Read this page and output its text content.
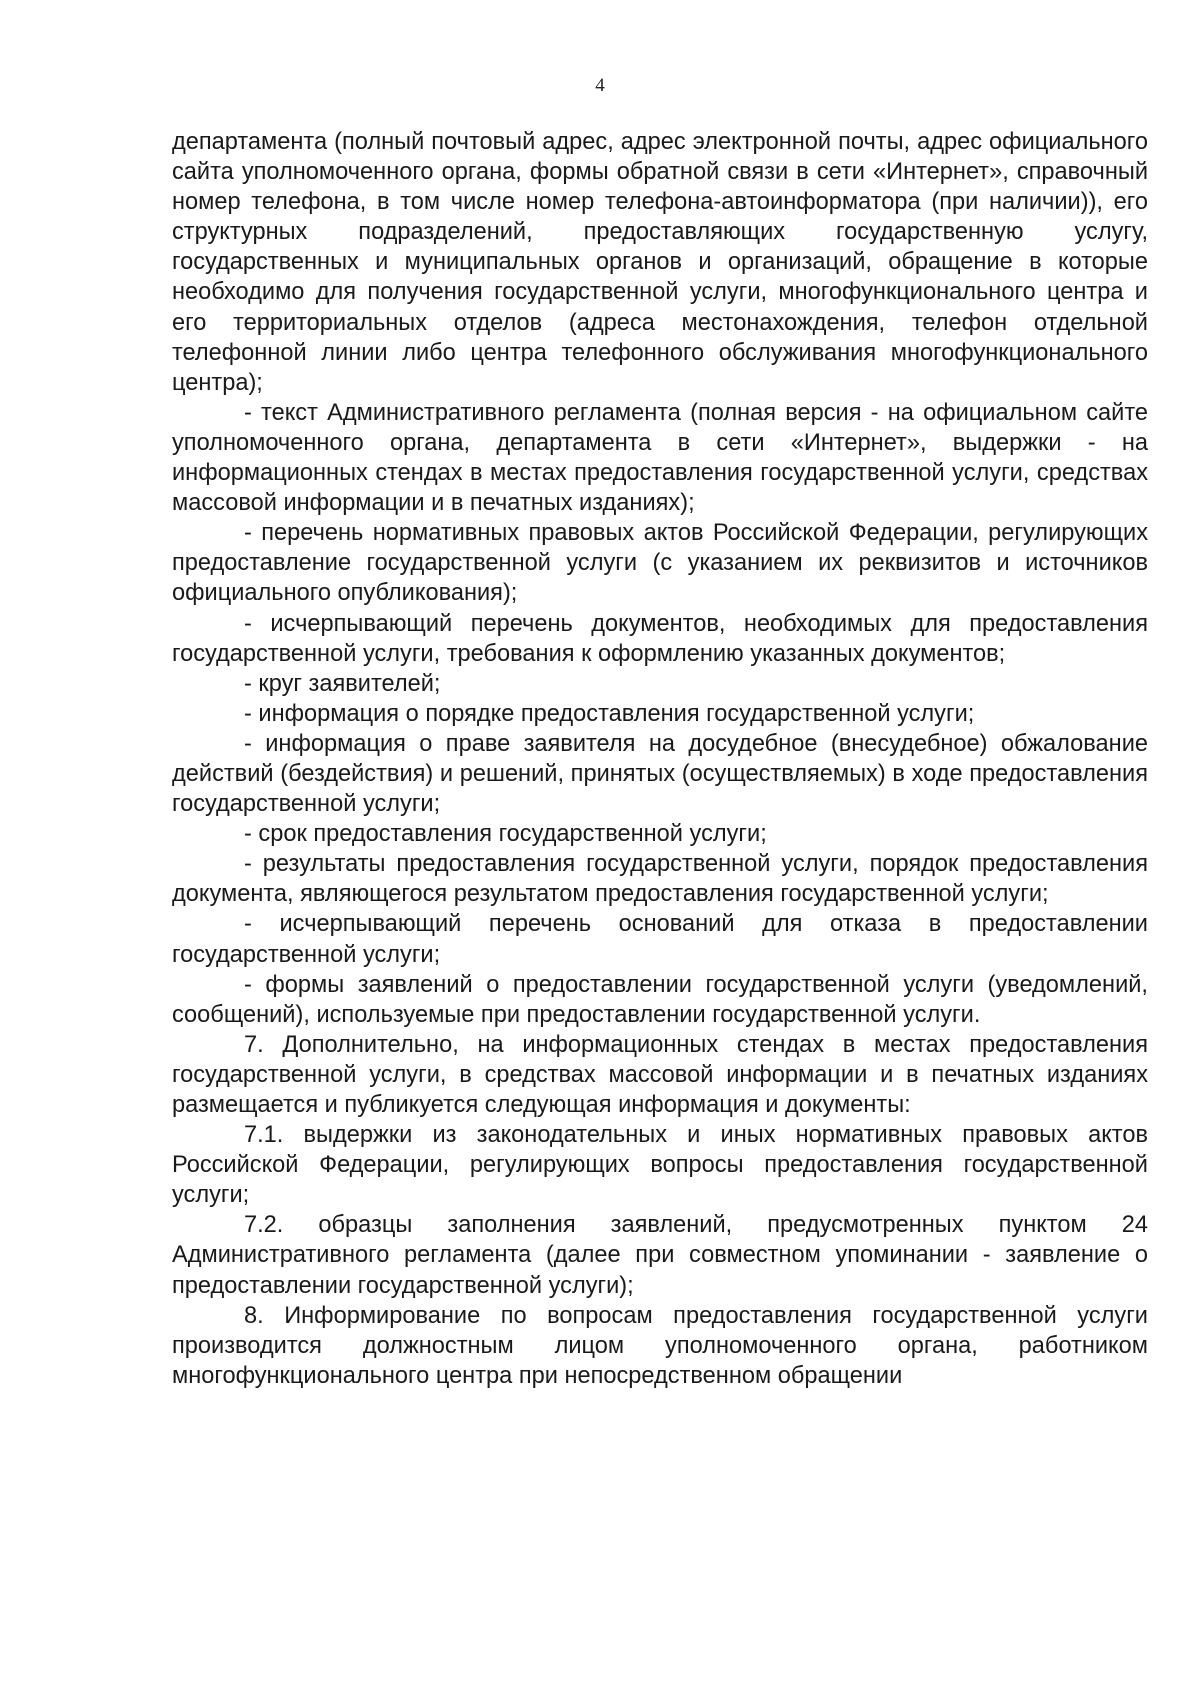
4

департамента (полный почтовый адрес, адрес электронной почты, адрес официального сайта уполномоченного органа, формы обратной связи в сети «Интернет», справочный номер телефона, в том числе номер телефона-автоинформатора (при наличии)), его структурных подразделений, предоставляющих государственную услугу, государственных и муниципальных органов и организаций, обращение в которые необходимо для получения государственной услуги, многофункционального центра и его территориальных отделов (адреса местонахождения, телефон отдельной телефонной линии либо центра телефонного обслуживания многофункционального центра);

- текст Административного регламента (полная версия - на официальном сайте уполномоченного органа, департамента в сети «Интернет», выдержки - на информационных стендах в местах предоставления государственной услуги, средствах массовой информации и в печатных изданиях);

- перечень нормативных правовых актов Российской Федерации, регулирующих предоставление государственной услуги (с указанием их реквизитов и источников официального опубликования);

- исчерпывающий перечень документов, необходимых для предоставления государственной услуги, требования к оформлению указанных документов;

- круг заявителей;

- информация о порядке предоставления государственной услуги;

- информация о праве заявителя на досудебное (внесудебное) обжалование действий (бездействия) и решений, принятых (осуществляемых) в ходе предоставления государственной услуги;

- срок предоставления государственной услуги;

- результаты предоставления государственной услуги, порядок предоставления документа, являющегося результатом предоставления государственной услуги;

- исчерпывающий перечень оснований для отказа в предоставлении государственной услуги;

- формы заявлений о предоставлении государственной услуги (уведомлений, сообщений), используемые при предоставлении государственной услуги.

7. Дополнительно, на информационных стендах в местах предоставления государственной услуги, в средствах массовой информации и в печатных изданиях размещается и публикуется следующая информация и документы:

7.1. выдержки из законодательных и иных нормативных правовых актов Российской Федерации, регулирующих вопросы предоставления государственной услуги;

7.2. образцы заполнения заявлений, предусмотренных пунктом 24 Административного регламента (далее при совместном упоминании - заявление о предоставлении государственной услуги);

8. Информирование по вопросам предоставления государственной услуги производится должностным лицом уполномоченного органа, работником многофункционального центра при непосредственном обращении
